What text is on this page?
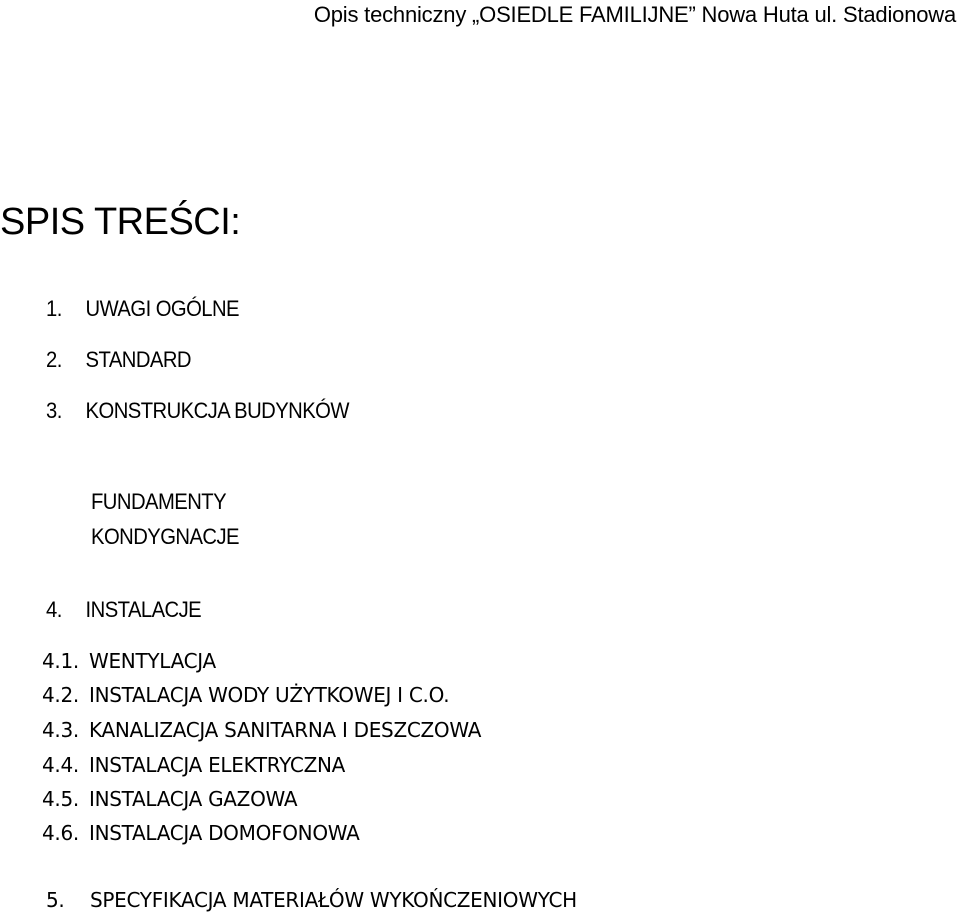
Opis techniczny „OSIEDLE FAMILIJNE” Nowa Huta ul. Stadionowa
SPIS TREŚCI:
1. UWAGI OGÓLNE
2. STANDARD
3. KONSTRUKCJA BUDYNKÓW
FUNDAMENTY
KONDYGNACJE
4. INSTALACJE
4.1. WENTYLACJA
4.2. INSTALACJA WODY UŻYTKOWEJ I C.O.
4.3. KANALIZACJA SANITARNA I DESZCZOWA
4.4. INSTALACJA ELEKTRYCZNA
4.5. INSTALACJA GAZOWA
4.6. INSTALACJA DOMOFONOWA
5. SPECYFIKACJA MATERIAŁÓW WYKOŃCZENIOWYCH
